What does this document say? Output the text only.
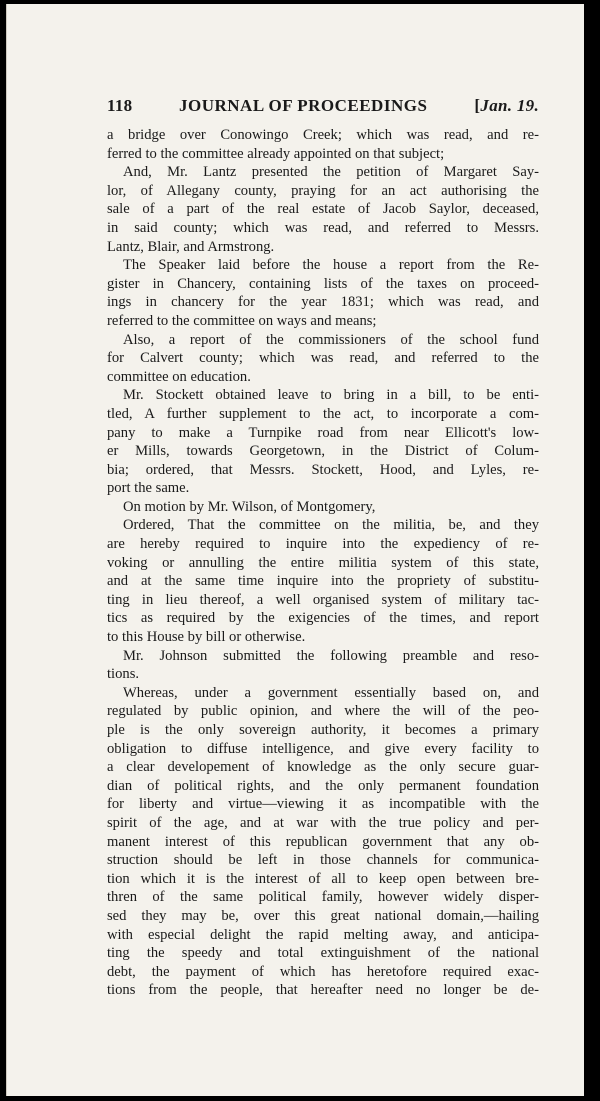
118	JOURNAL OF PROCEEDINGS	[Jan. 19.
a bridge over Conowingo Creek; which was read, and re-
ferred to the committee already appointed on that subject;
And, Mr. Lantz presented the petition of Margaret Say-
lor, of Allegany county, praying for an act authorising the
sale of a part of the real estate of Jacob Saylor, deceased,
in said county; which was read, and referred to Messrs.
Lantz, Blair, and Armstrong.
The Speaker laid before the house a report from the Re-
gister in Chancery, containing lists of the taxes on proceed-
ings in chancery for the year 1831; which was read, and
referred to the committee on ways and means;
Also, a report of the commissioners of the school fund
for Calvert county; which was read, and referred to the
committee on education.
Mr. Stockett obtained leave to bring in a bill, to be enti-
tled, A further supplement to the act, to incorporate a com-
pany to make a Turnpike road from near Ellicott's low-
er Mills, towards Georgetown, in the District of Colum-
bia; ordered, that Messrs. Stockett, Hood, and Lyles, re-
port the same.
On motion by Mr. Wilson, of Montgomery,
Ordered, That the committee on the militia, be, and they
are hereby required to inquire into the expediency of re-
voking or annulling the entire militia system of this state,
and at the same time inquire into the propriety of substitu-
ting in lieu thereof, a well organised system of military tac-
tics as required by the exigencies of the times, and report
to this House by bill or otherwise.
Mr. Johnson submitted the following preamble and reso-
tions.
Whereas, under a government essentially based on, and
regulated by public opinion, and where the will of the peo-
ple is the only sovereign authority, it becomes a primary
obligation to diffuse intelligence, and give every facility to
a clear developement of knowledge as the only secure guar-
dian of political rights, and the only permanent foundation
for liberty and virtue—viewing it as incompatible with the
spirit of the age, and at war with the true policy and per-
manent interest of this republican government that any ob-
struction should be left in those channels for communica-
tion which it is the interest of all to keep open between bre-
thren of the same political family, however widely disper-
sed they may be, over this great national domain,—hailing
with especial delight the rapid melting away, and anticipa-
ting the speedy and total extinguishment of the national
debt, the payment of which has heretofore required exac-
tions from the people, that hereafter need no longer be de-
